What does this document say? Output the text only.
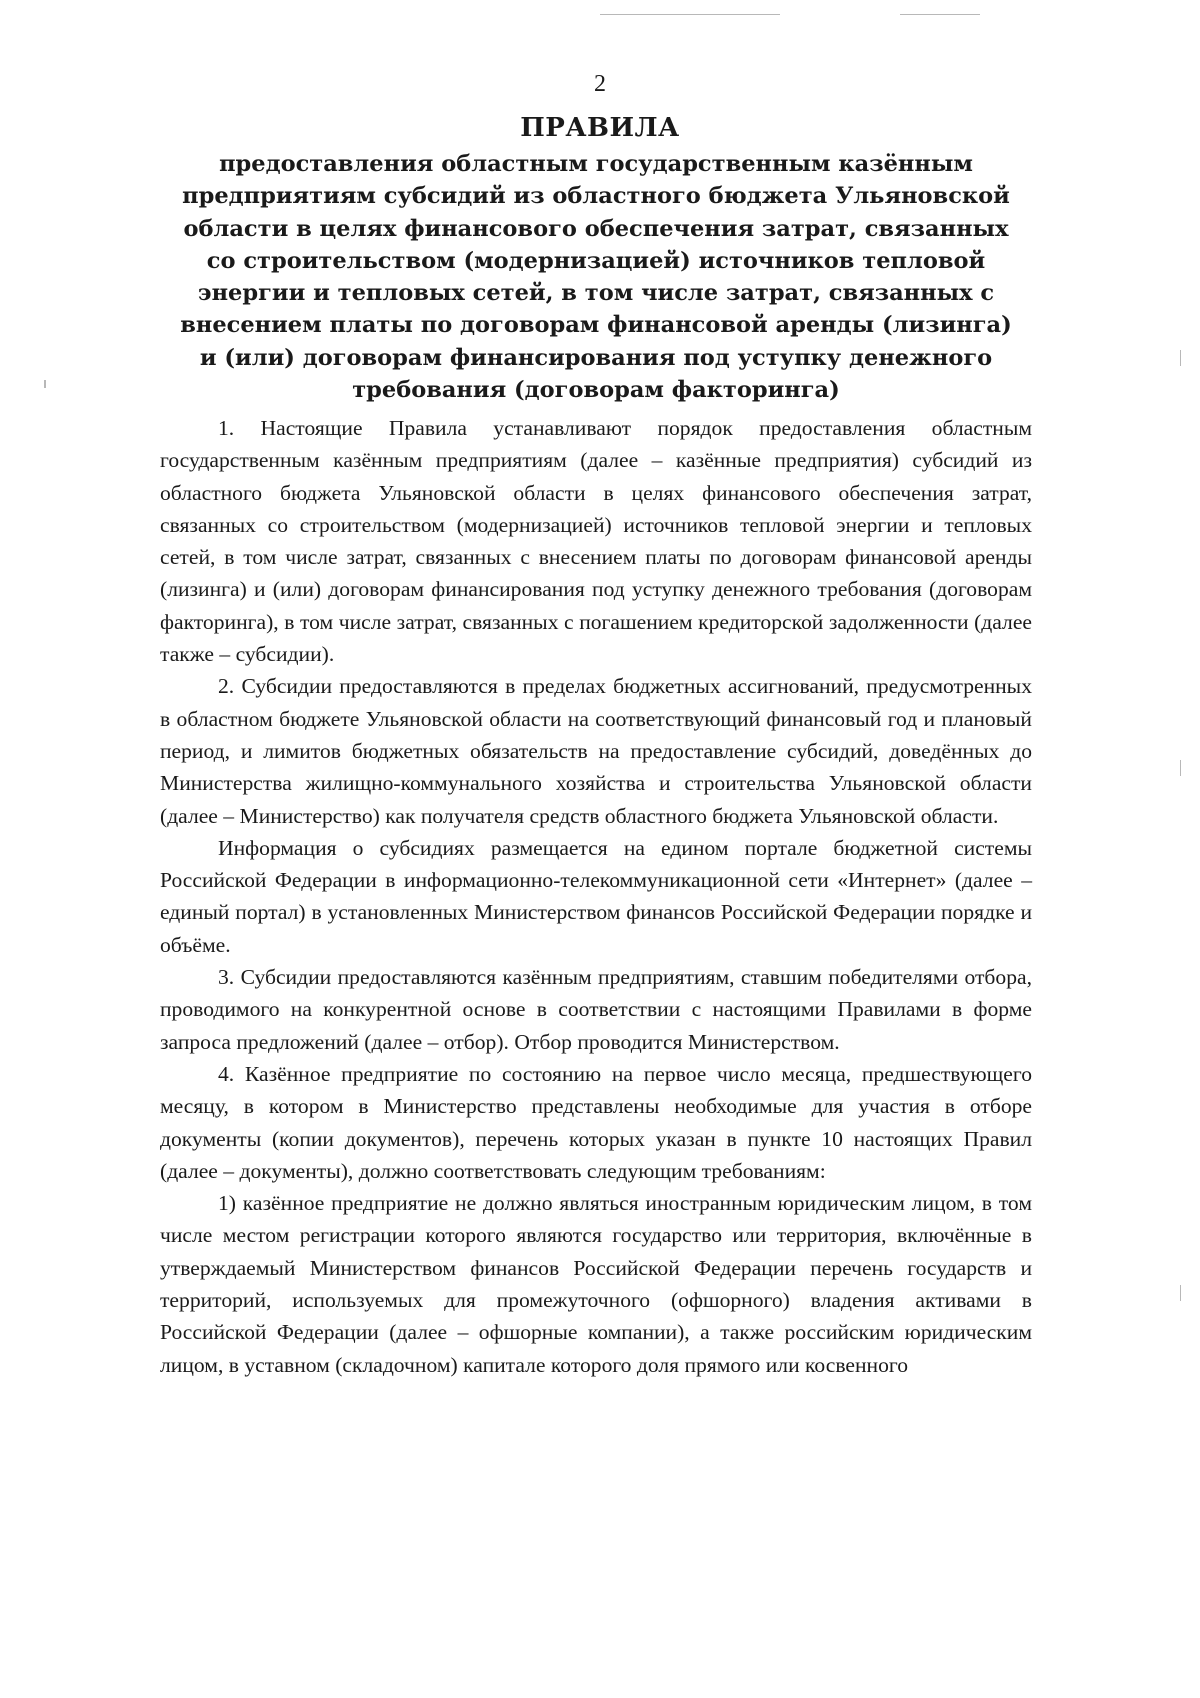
2
ПРАВИЛА
предоставления областным государственным казённым предприятиям субсидий из областного бюджета Ульяновской области в целях финансового обеспечения затрат, связанных со строительством (модернизацией) источников тепловой энергии и тепловых сетей, в том числе затрат, связанных с внесением платы по договорам финансовой аренды (лизинга) и (или) договорам финансирования под уступку денежного требования (договорам факторинга)

1. Настоящие Правила устанавливают порядок предоставления областным государственным казённым предприятиям (далее – казённые предприятия) субсидий из областного бюджета Ульяновской области в целях финансового обеспечения затрат, связанных со строительством (модернизацией) источников тепловой энергии и тепловых сетей, в том числе затрат, связанных с внесением платы по договорам финансовой аренды (лизинга) и (или) договорам финансирования под уступку денежного требования (договорам факторинга), в том числе затрат, связанных с погашением кредиторской задолженности (далее также – субсидии).

2. Субсидии предоставляются в пределах бюджетных ассигнований, предусмотренных в областном бюджете Ульяновской области на соответствующий финансовый год и плановый период, и лимитов бюджетных обязательств на предоставление субсидий, доведённых до Министерства жилищно-коммунального хозяйства и строительства Ульяновской области (далее – Министерство) как получателя средств областного бюджета Ульяновской области.

Информация о субсидиях размещается на едином портале бюджетной системы Российской Федерации в информационно-телекоммуникационной сети «Интернет» (далее – единый портал) в установленных Министерством финансов Российской Федерации порядке и объёме.

3. Субсидии предоставляются казённым предприятиям, ставшим победителями отбора, проводимого на конкурентной основе в соответствии с настоящими Правилами в форме запроса предложений (далее – отбор). Отбор проводится Министерством.

4. Казённое предприятие по состоянию на первое число месяца, предшествующего месяцу, в котором в Министерство представлены необходимые для участия в отборе документы (копии документов), перечень которых указан в пункте 10 настоящих Правил (далее – документы), должно соответствовать следующим требованиям:

1) казённое предприятие не должно являться иностранным юридическим лицом, в том числе местом регистрации которого являются государство или территория, включённые в утверждаемый Министерством финансов Российской Федерации перечень государств и территорий, используемых для промежуточного (офшорного) владения активами в Российской Федерации (далее – офшорные компании), а также российским юридическим лицом, в уставном (складочном) капитале которого доля прямого или косвенного
